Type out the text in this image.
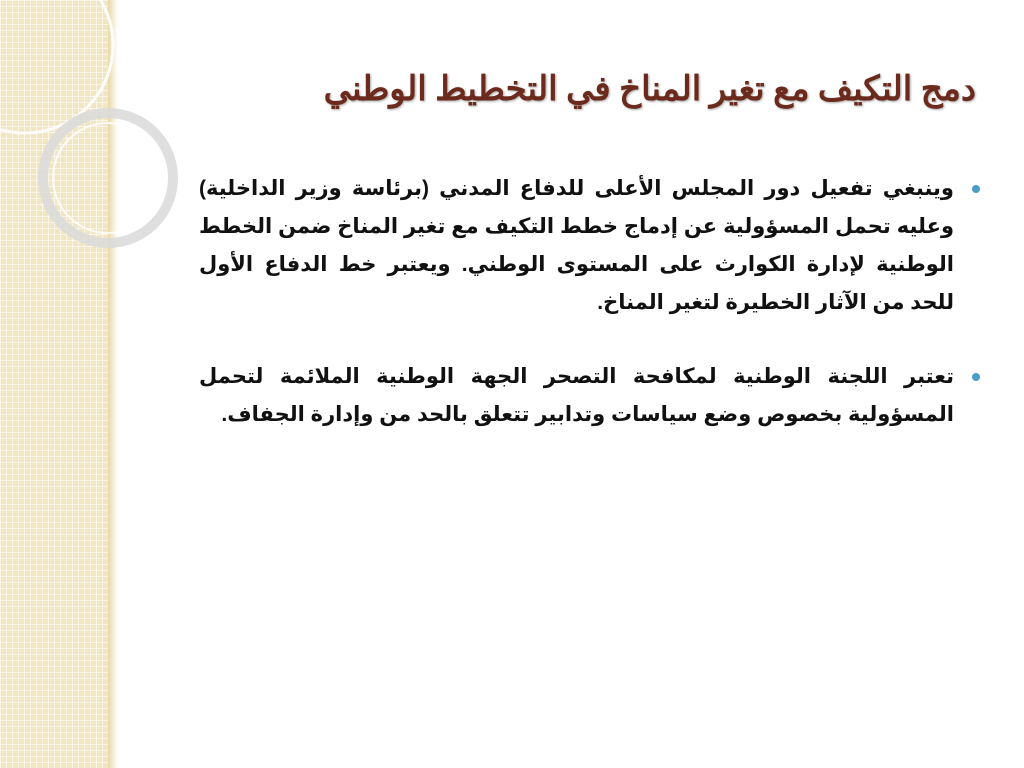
دمج التكيف مع تغير المناخ في التخطيط الوطني

وينبغي تفعيل دور المجلس الأعلى للدفاع المدني (برئاسة وزير الداخلية) وعليه تحمل المسؤولية عن إدماج خطط التكيف مع تغير المناخ ضمن الخطط الوطنية لإدارة الكوارث على المستوى الوطني. ويعتبر خط الدفاع الأول للحد من الآثار الخطيرة لتغير المناخ.

تعتبر اللجنة الوطنية لمكافحة التصحر الجهة الوطنية الملائمة لتحمل المسؤولية بخصوص وضع سياسات وتدابير تتعلق بالحد من وإدارة الجفاف.
